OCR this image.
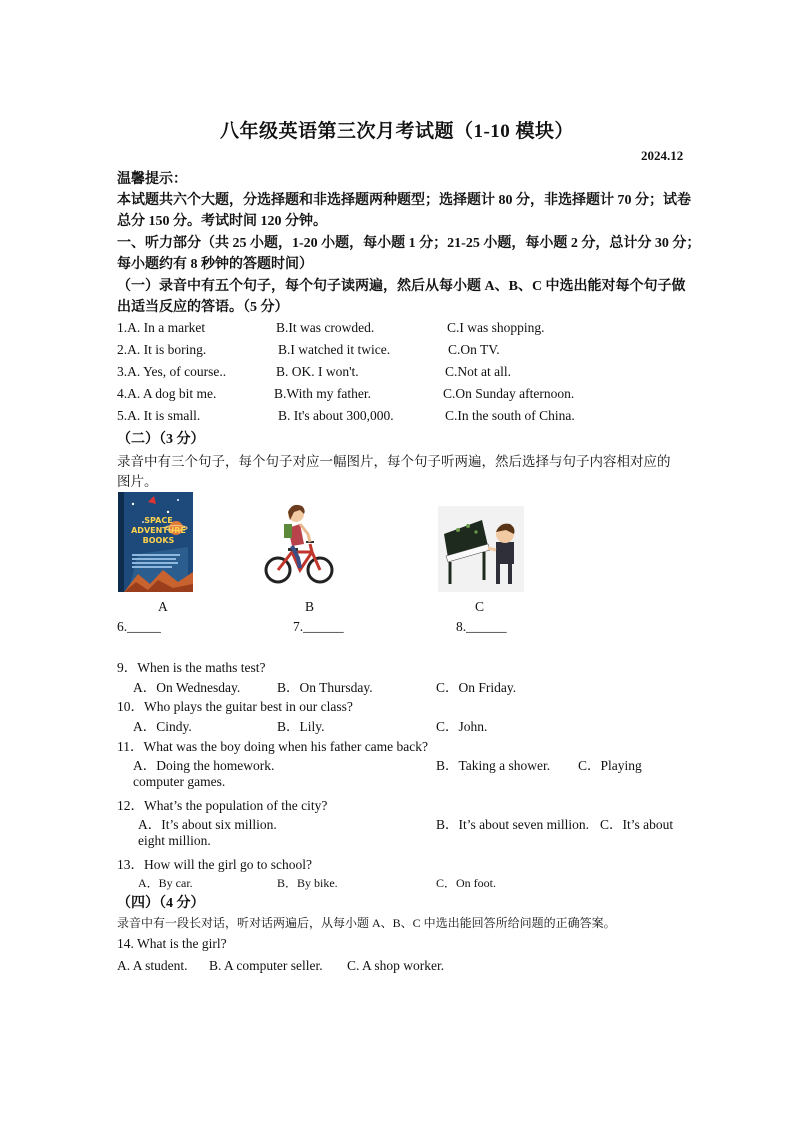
八年级英语第三次月考试题（1-10 模块）
2024.12
温馨提示：
本试题共六个大题，分选择题和非选择题两种题型；选择题计 80 分，非选择题计 70 分；试卷
总分 150 分。考试时间 120 分钟。
一、听力部分（共 25 小题，1-20 小题，每小题 1 分；21-25 小题，每小题 2 分，总计分 30 分；
每小题约有 8 秒钟的答题时间）
（一）录音中有五个句子，每个句子读两遍，然后从每小题 A、B、C 中选出能对每个句子做
出适当反应的答语。（5 分）
1.A. In a market	B.It was crowded.	C.I was shopping.
2.A. It is boring.	B.I watched it twice.	C.On TV.
3.A. Yes, of course..	B. OK. I won't.	C.Not at all.
4.A. A dog bit me.	B.With my father.	C.On Sunday afternoon.
5.A. It is small.	B. It's about 300,000.	C.In the south of China.
（二）（3 分）
录音中有三个句子，每个句子对应一幅图片，每个句子听两遍，然后选择与句子内容相对应的
图片。
SPACE
ADVENTURE
BOOKS
A	B	C
6._____	7.______	8.______
9．When is the maths test?
A．On Wednesday.	B．On Thursday.	C．On Friday.
10．Who plays the guitar best in our class?
A．Cindy.	B．Lily.	C．John.
11．What was the boy doing when his father came back?
A．Doing the homework.	B．Taking a shower. C．Playing
computer games.
12．What’s the population of the city?
A．It’s about six million.	B．It’s about seven million. C．It’s about
eight million.
13．How will the girl go to school?
A．By car.	B．By bike.	C．On foot.
（四）（4 分）
录音中有一段长对话，听对话两遍后，从每小题 A、B、C 中选出能回答所给问题的正确答案。
14. What is the girl?
A. A student. B. A computer seller. C. A shop worker.
